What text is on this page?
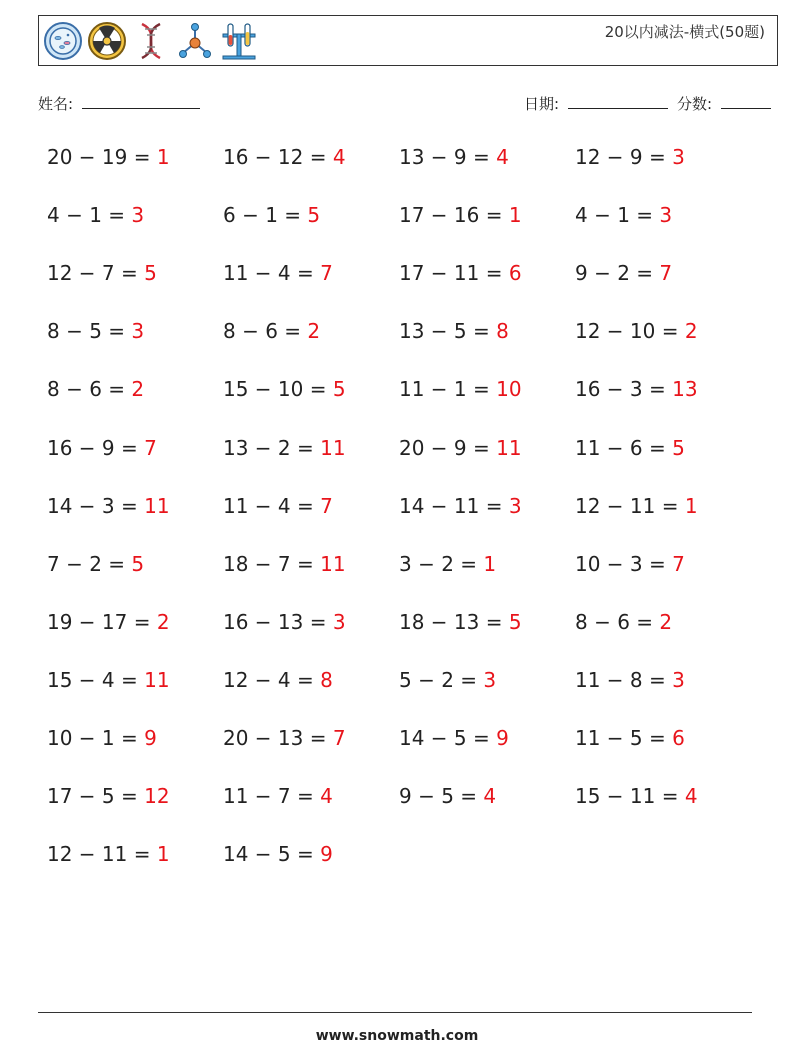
20以内减法-横式(50题)
姓名:	日期:	分数:
20 − 19 = 1	16 − 12 = 4	13 − 9 = 4	12 − 9 = 3
4 − 1 = 3	6 − 1 = 5	17 − 16 = 1	4 − 1 = 3
12 − 7 = 5	11 − 4 = 7	17 − 11 = 6	9 − 2 = 7
8 − 5 = 3	8 − 6 = 2	13 − 5 = 8	12 − 10 = 2
8 − 6 = 2	15 − 10 = 5	11 − 1 = 10	16 − 3 = 13
16 − 9 = 7	13 − 2 = 11	20 − 9 = 11	11 − 6 = 5
14 − 3 = 11	11 − 4 = 7	14 − 11 = 3	12 − 11 = 1
7 − 2 = 5	18 − 7 = 11	3 − 2 = 1	10 − 3 = 7
19 − 17 = 2	16 − 13 = 3	18 − 13 = 5	8 − 6 = 2
15 − 4 = 11	12 − 4 = 8	5 − 2 = 3	11 − 8 = 3
10 − 1 = 9	20 − 13 = 7	14 − 5 = 9	11 − 5 = 6
17 − 5 = 12	11 − 7 = 4	9 − 5 = 4	15 − 11 = 4
12 − 11 = 1	14 − 5 = 9
www.snowmath.com
